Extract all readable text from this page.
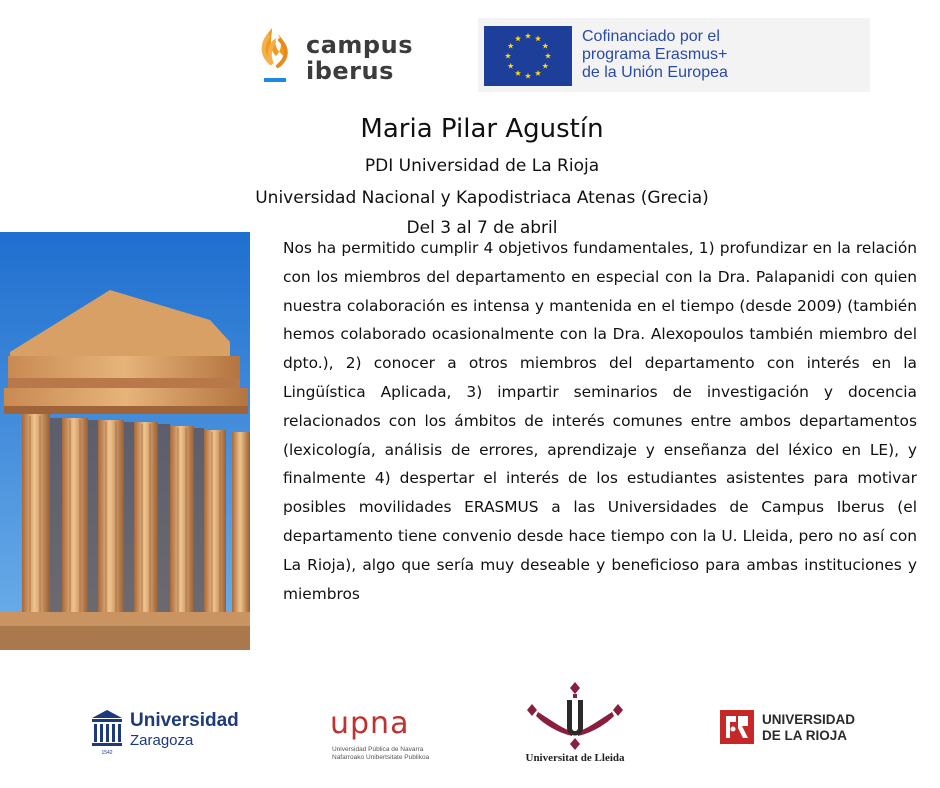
campus
iberus
Cofinanciado por el
programa Erasmus+
de la Unión Europea
Maria Pilar Agustín
PDI Universidad de La Rioja
Universidad Nacional y Kapodistriaca Atenas (Grecia)
Del 3 al 7 de abril
Nos ha permitido cumplir 4 objetivos fundamentales, 1) profundizar en la relación con los miembros del departamento en especial con la Dra. Palapanidi con quien nuestra colaboración es intensa y mantenida en el tiempo (desde 2009) (también hemos colaborado ocasionalmente con la Dra. Alexopoulos también miembro del dpto.), 2) conocer a otros miembros del departamento con interés en la Lingüística Aplicada, 3) impartir seminarios de investigación y docencia relacionados con los ámbitos de interés comunes entre ambos departamentos (lexicología, análisis de errores, aprendizaje y enseñanza del léxico en LE), y finalmente 4) despertar el interés de los estudiantes asistentes para motivar posibles movilidades ERASMUS a las Universidades de Campus Iberus (el departamento tiene convenio desde hace tiempo con la U. Lleida, pero no así con La Rioja), algo que sería muy deseable y beneficioso para ambas instituciones y miembros
1542
Universidad
Zaragoza	upna
Universidad Pública de Navarra
Nafarroako Unibertsitate Publikoa	Universitat de Lleida
UNIVERSIDAD
DE LA RIOJA
